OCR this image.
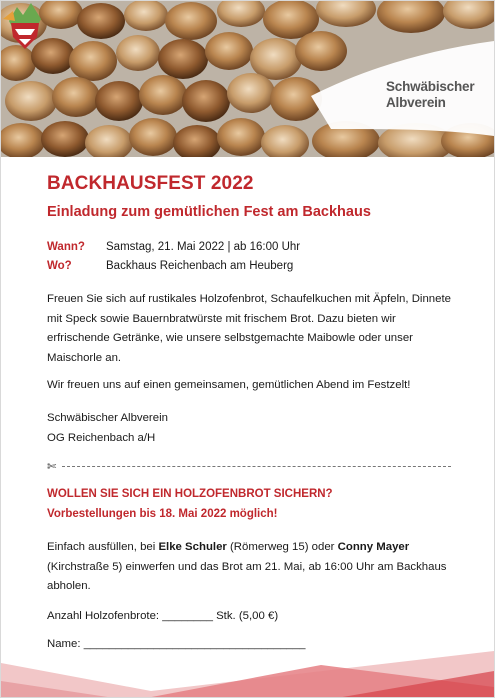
Schwäbischer
Albverein
BACKHAUSFEST 2022
Einladung zum gemütlichen Fest am Backhaus
Wann? Samstag, 21. Mai 2022 | ab 16:00 Uhr
Wo?	Backhaus Reichenbach am Heuberg
Freuen Sie sich auf rustikales Holzofenbrot, Schaufelkuchen mit Äpfeln, Dinnete mit Speck sowie Bauernbratwürste mit frischem Brot. Dazu bieten wir erfrischende Getränke, wie unsere selbstgemachte Maibowle oder unser Maischorle an.
Wir freuen uns auf einen gemeinsamen, gemütlichen Abend im Festzelt!
Schwäbischer Albverein
OG Reichenbach a/H
✄
WOLLEN SIE SICH EIN HOLZOFENBROT SICHERN?
Vorbestellungen bis 18. Mai 2022 möglich!
Einfach ausfüllen, bei Elke Schuler (Römerweg 15) oder Conny Mayer (Kirchstraße 5) einwerfen und das Brot am 21. Mai, ab 16:00 Uhr am Backhaus abholen.
Anzahl Holzofenbrote: ________ Stk. (5,00 €)
Name: ___________________________________
